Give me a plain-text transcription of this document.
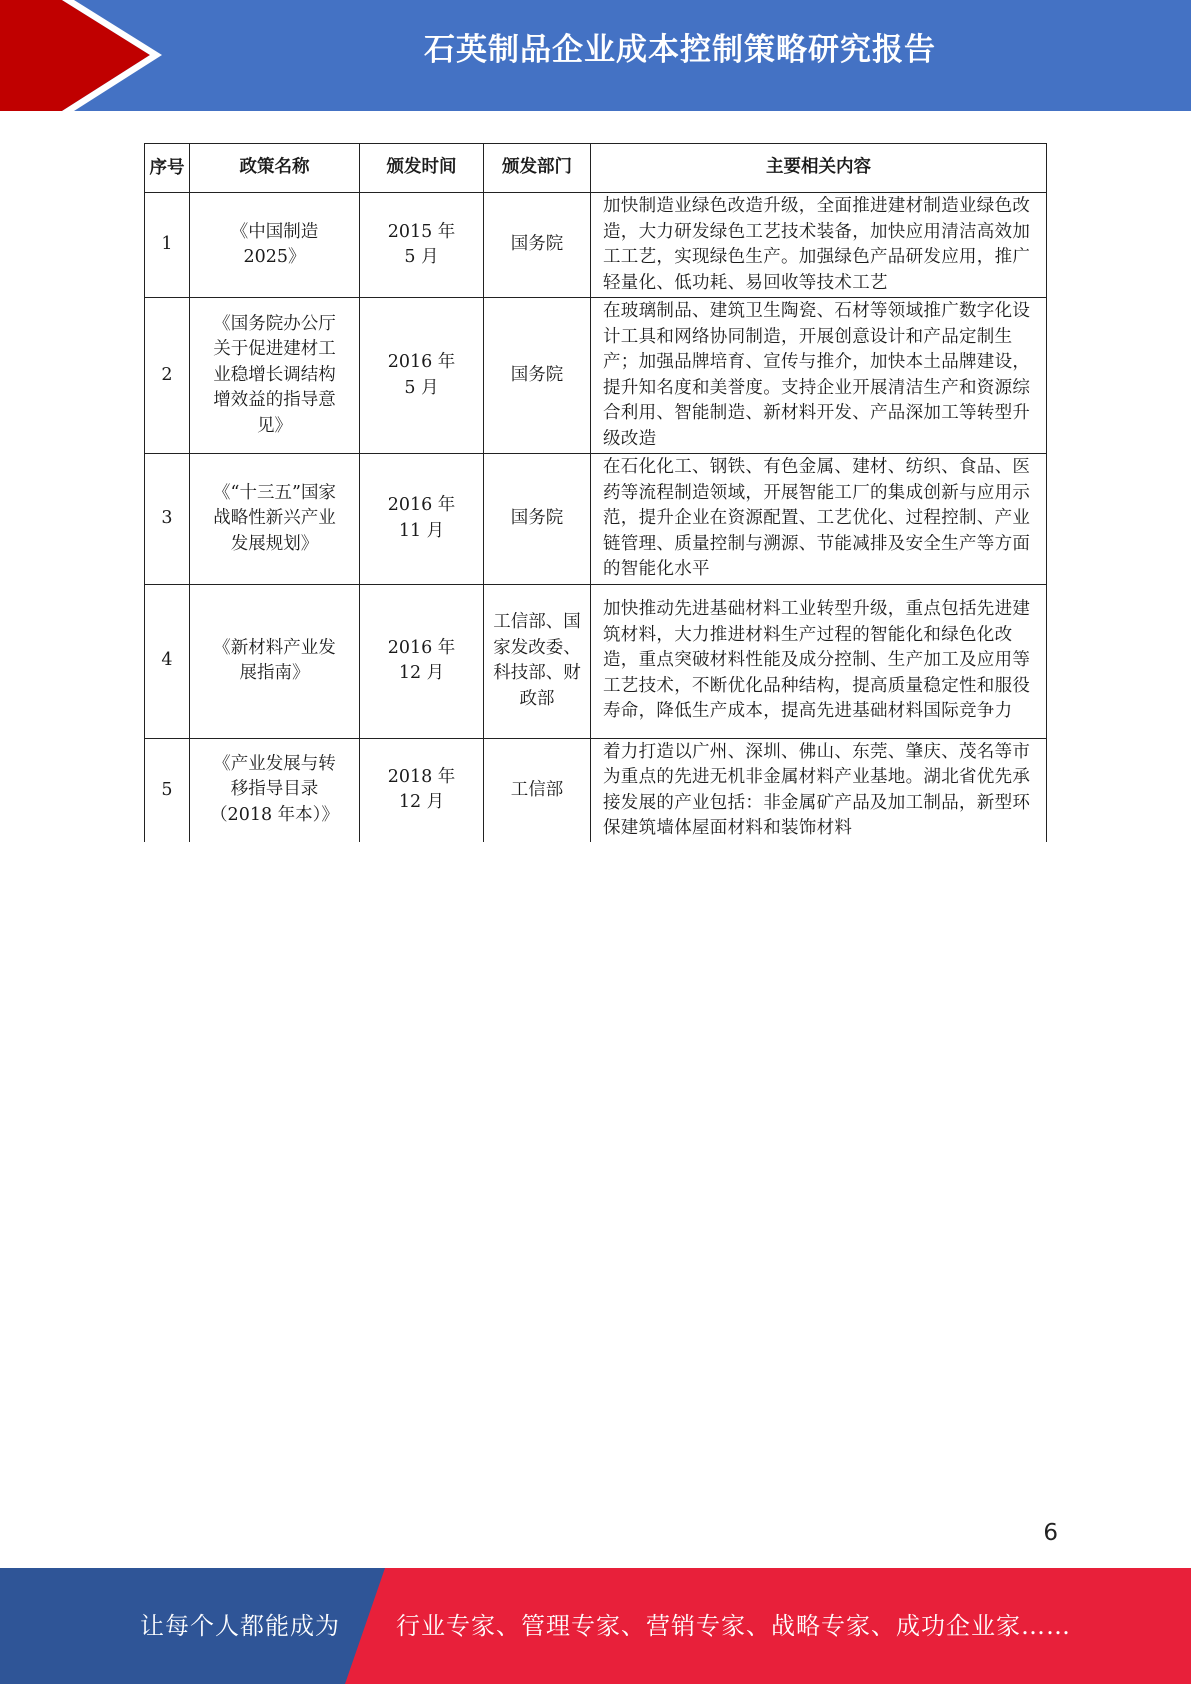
石英制品企业成本控制策略研究报告
序号	政策名称	颁发时间	颁发部门	主要相关内容
1	《中国制造2025》	2015 年 5 月	国务院	加快制造业绿色改造升级，全面推进建材制造业绿色改造，大力研发绿色工艺技术装备，加快应用清洁高效加工工艺，实现绿色生产。加强绿色产品研发应用，推广轻量化、低功耗、易回收等技术工艺
2	《国务院办公厅关于促进建材工业稳增长调结构增效益的指导意见》	2016 年 5 月	国务院	在玻璃制品、建筑卫生陶瓷、石材等领域推广数字化设计工具和网络协同制造，开展创意设计和产品定制生产；加强品牌培育、宣传与推介，加快本土品牌建设，提升知名度和美誉度。支持企业开展清洁生产和资源综合利用、智能制造、新材料开发、产品深加工等转型升级改造
3	《“十三五”国家战略性新兴产业发展规划》	2016 年 11 月	国务院	在石化化工、钢铁、有色金属、建材、纺织、食品、医药等流程制造领域，开展智能工厂的集成创新与应用示范，提升企业在资源配置、工艺优化、过程控制、产业链管理、质量控制与溯源、节能减排及安全生产等方面的智能化水平
4	《新材料产业发展指南》	2016 年 12 月	工信部、国家发改委、科技部、财政部	加快推动先进基础材料工业转型升级，重点包括先进建筑材料，大力推进材料生产过程的智能化和绿色化改造，重点突破材料性能及成分控制、生产加工及应用等工艺技术，不断优化品种结构，提高质量稳定性和服役寿命，降低生产成本，提高先进基础材料国际竞争力
5	《产业发展与转移指导目录（2018 年本）》	2018 年 12 月	工信部	着力打造以广州、深圳、佛山、东莞、肇庆、茂名等市为重点的先进无机非金属材料产业基地。湖北省优先承接发展的产业包括：非金属矿产品及加工制品，新型环保建筑墙体屋面材料和装饰材料
6
让每个人都能成为 行业专家、管理专家、营销专家、战略专家、成功企业家……
